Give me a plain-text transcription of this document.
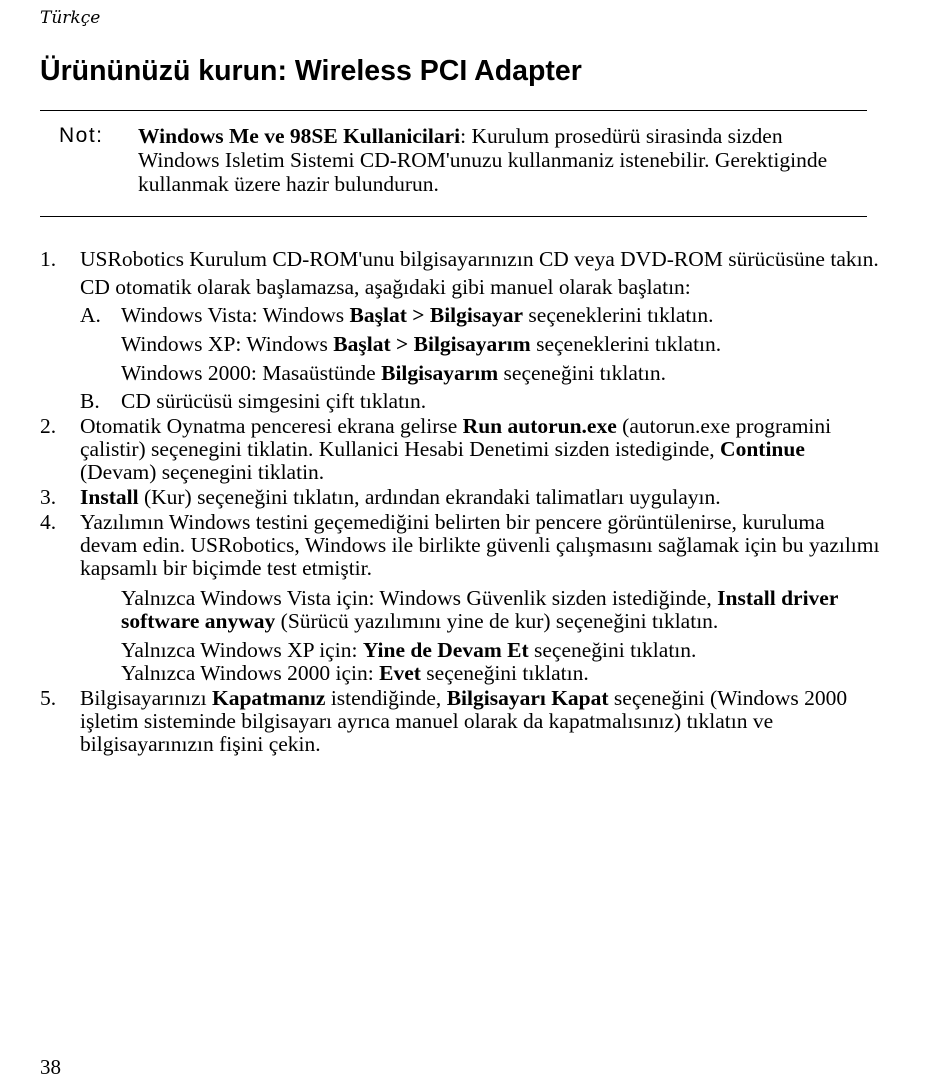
Türkçe
Ürününüzü kurun: Wireless PCI Adapter
Not: Windows Me ve 98SE Kullanicilari: Kurulum prosedürü sirasinda sizden Windows Isletim Sistemi CD-ROM'unuzu kullanmaniz istenebilir. Gerektiginde kullanmak üzere hazir bulundurun.
1. USRobotics Kurulum CD-ROM'unu bilgisayarınızın CD veya DVD-ROM sürücüsüne takın.
CD otomatik olarak başlamazsa, aşağıdaki gibi manuel olarak başlatın:
A. Windows Vista: Windows Başlat > Bilgisayar seçeneklerini tıklatın.
Windows XP: Windows Başlat > Bilgisayarım seçeneklerini tıklatın.
Windows 2000: Masaüstünde Bilgisayarım seçeneğini tıklatın.
B. CD sürücüsü simgesini çift tıklatın.
2. Otomatik Oynatma penceresi ekrana gelirse Run autorun.exe (autorun.exe programini çalistir) seçenegini tiklatin. Kullanici Hesabi Denetimi sizden istediginde, Continue (Devam) seçenegini tiklatin.
3. Install (Kur) seçeneğini tıklatın, ardından ekrandaki talimatları uygulayın.
4. Yazılımın Windows testini geçemediğini belirten bir pencere görüntülenirse, kuruluma devam edin. USRobotics, Windows ile birlikte güvenli çalışmasını sağlamak için bu yazılımı kapsamlı bir biçimde test etmiştir.
Yalnızca Windows Vista için: Windows Güvenlik sizden istediğinde, Install driver software anyway (Sürücü yazılımını yine de kur) seçeneğini tıklatın.
Yalnızca Windows XP için: Yine de Devam Et seçeneğini tıklatın.
Yalnızca Windows 2000 için: Evet seçeneğini tıklatın.
5. Bilgisayarınızı Kapatmanız istendiğinde, Bilgisayarı Kapat seçeneğini (Windows 2000 işletim sisteminde bilgisayarı ayrıca manuel olarak da kapatmalısınız) tıklatın ve bilgisayarınızın fişini çekin.
38
